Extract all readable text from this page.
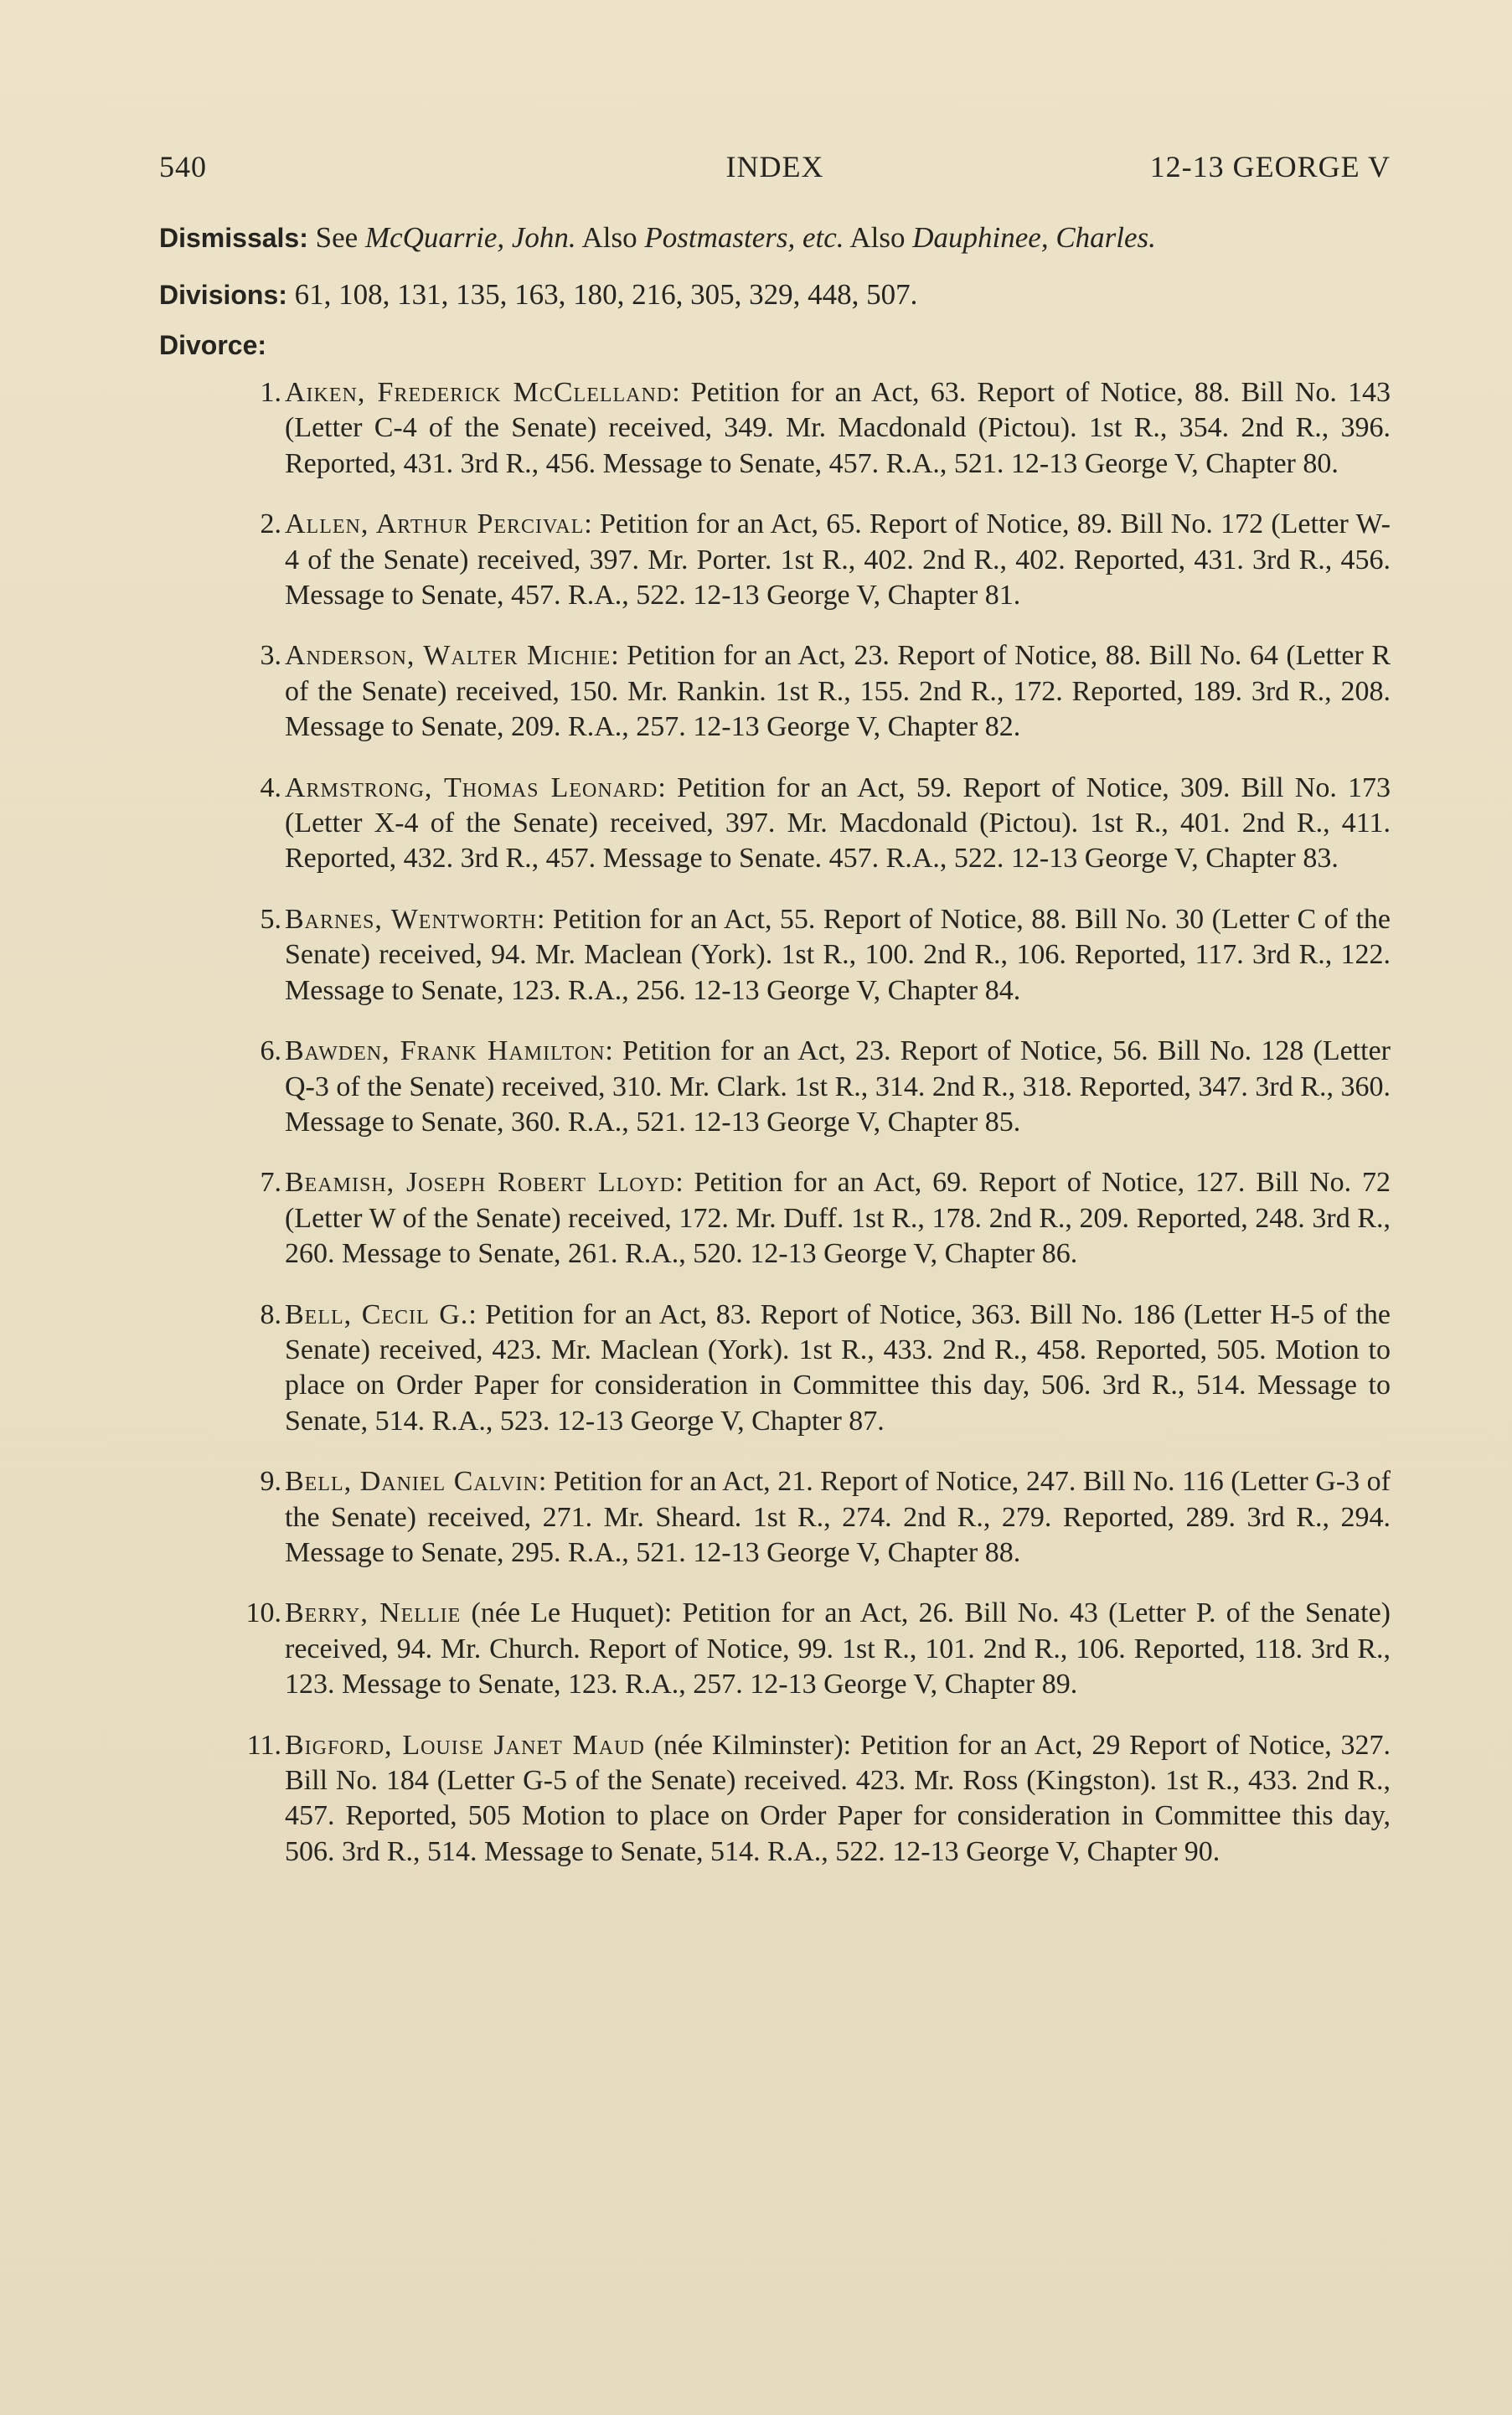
540	INDEX	12-13 GEORGE V
Dismissals: See McQuarrie, John. Also Postmasters, etc. Also Dauphinee, Charles.
Divisions: 61, 108, 131, 135, 163, 180, 216, 305, 329, 448, 507.
Divorce:
1. Aiken, Frederick McClelland: Petition for an Act, 63. Report of Notice, 88. Bill No. 143 (Letter C-4 of the Senate) received, 349. Mr. Macdonald (Pictou). 1st R., 354. 2nd R., 396. Reported, 431. 3rd R., 456. Message to Senate, 457. R.A., 521. 12-13 George V, Chapter 80.
2. Allen, Arthur Percival: Petition for an Act, 65. Report of Notice, 89. Bill No. 172 (Letter W-4 of the Senate) received, 397. Mr. Porter. 1st R., 402. 2nd R., 402. Reported, 431. 3rd R., 456. Message to Senate, 457. R.A., 522. 12-13 George V, Chapter 81.
3. Anderson, Walter Michie: Petition for an Act, 23. Report of Notice, 88. Bill No. 64 (Letter R of the Senate) received, 150. Mr. Rankin. 1st R., 155. 2nd R., 172. Reported, 189. 3rd R., 208. Message to Senate, 209. R.A., 257. 12-13 George V, Chapter 82.
4. Armstrong, Thomas Leonard: Petition for an Act, 59. Report of Notice, 309. Bill No. 173 (Letter X-4 of the Senate) received, 397. Mr. Macdonald (Pictou). 1st R., 401. 2nd R., 411. Reported, 432. 3rd R., 457. Message to Senate. 457. R.A., 522. 12-13 George V, Chapter 83.
5. Barnes, Wentworth: Petition for an Act, 55. Report of Notice, 88. Bill No. 30 (Letter C of the Senate) received, 94. Mr. Maclean (York). 1st R., 100. 2nd R., 106. Reported, 117. 3rd R., 122. Message to Senate, 123. R.A., 256. 12-13 George V, Chapter 84.
6. Bawden, Frank Hamilton: Petition for an Act, 23. Report of Notice, 56. Bill No. 128 (Letter Q-3 of the Senate) received, 310. Mr. Clark. 1st R., 314. 2nd R., 318. Reported, 347. 3rd R., 360. Message to Senate, 360. R.A., 521. 12-13 George V, Chapter 85.
7. Beamish, Joseph Robert Lloyd: Petition for an Act, 69. Report of Notice, 127. Bill No. 72 (Letter W of the Senate) received, 172. Mr. Duff. 1st R., 178. 2nd R., 209. Reported, 248. 3rd R., 260. Message to Senate, 261. R.A., 520. 12-13 George V, Chapter 86.
8. Bell, Cecil G.: Petition for an Act, 83. Report of Notice, 363. Bill No. 186 (Letter H-5 of the Senate) received, 423. Mr. Maclean (York). 1st R., 433. 2nd R., 458. Reported, 505. Motion to place on Order Paper for consideration in Committee this day, 506. 3rd R., 514. Message to Senate, 514. R.A., 523. 12-13 George V, Chapter 87.
9. Bell, Daniel Calvin: Petition for an Act, 21. Report of Notice, 247. Bill No. 116 (Letter G-3 of the Senate) received, 271. Mr. Sheard. 1st R., 274. 2nd R., 279. Reported, 289. 3rd R., 294. Message to Senate, 295. R.A., 521. 12-13 George V, Chapter 88.
10. Berry, Nellie (née Le Huquet): Petition for an Act, 26. Bill No. 43 (Letter P. of the Senate) received, 94. Mr. Church. Report of Notice, 99. 1st R., 101. 2nd R., 106. Reported, 118. 3rd R., 123. Message to Senate, 123. R.A., 257. 12-13 George V, Chapter 89.
11. Bigford, Louise Janet Maud (née Kilminster): Petition for an Act, 29 Report of Notice, 327. Bill No. 184 (Letter G-5 of the Senate) received. 423. Mr. Ross (Kingston). 1st R., 433. 2nd R., 457. Reported, 505 Motion to place on Order Paper for consideration in Committee this day, 506. 3rd R., 514. Message to Senate, 514. R.A., 522. 12-13 George V, Chapter 90.
